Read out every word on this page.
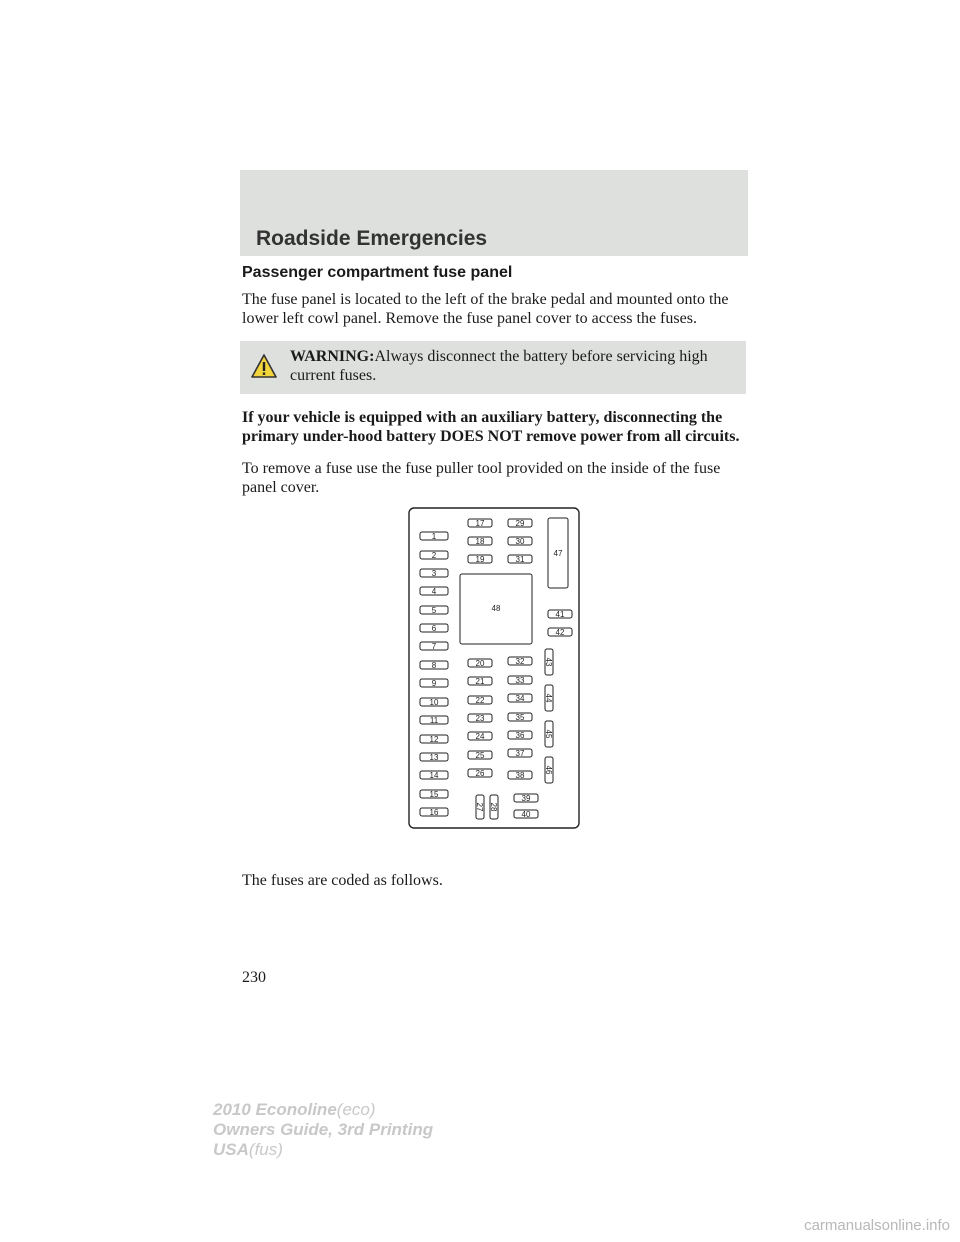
Roadside Emergencies
Passenger compartment fuse panel

The fuse panel is located to the left of the brake pedal and mounted onto the lower left cowl panel. Remove the fuse panel cover to access the fuses.

WARNING:Always disconnect the battery before servicing high current fuses.

If your vehicle is equipped with an auxiliary battery, disconnecting the primary under-hood battery DOES NOT remove power from all circuits.

To remove a fuse use the fuse puller tool provided on the inside of the fuse panel cover.

1
2
3
4
5
6
7
8
9
10
11
12
13
14
15
16
17
18
19
20
21
22
23
24
25
26
27 28
29
30
31
32
33
34
35
36
37
38
39
40
41
42
43
44
45
46
47
48
The fuses are coded as follows.
230
2010 Econoline(eco)
Owners Guide, 3rd Printing
USA(fus)
carmanualsonline.info
